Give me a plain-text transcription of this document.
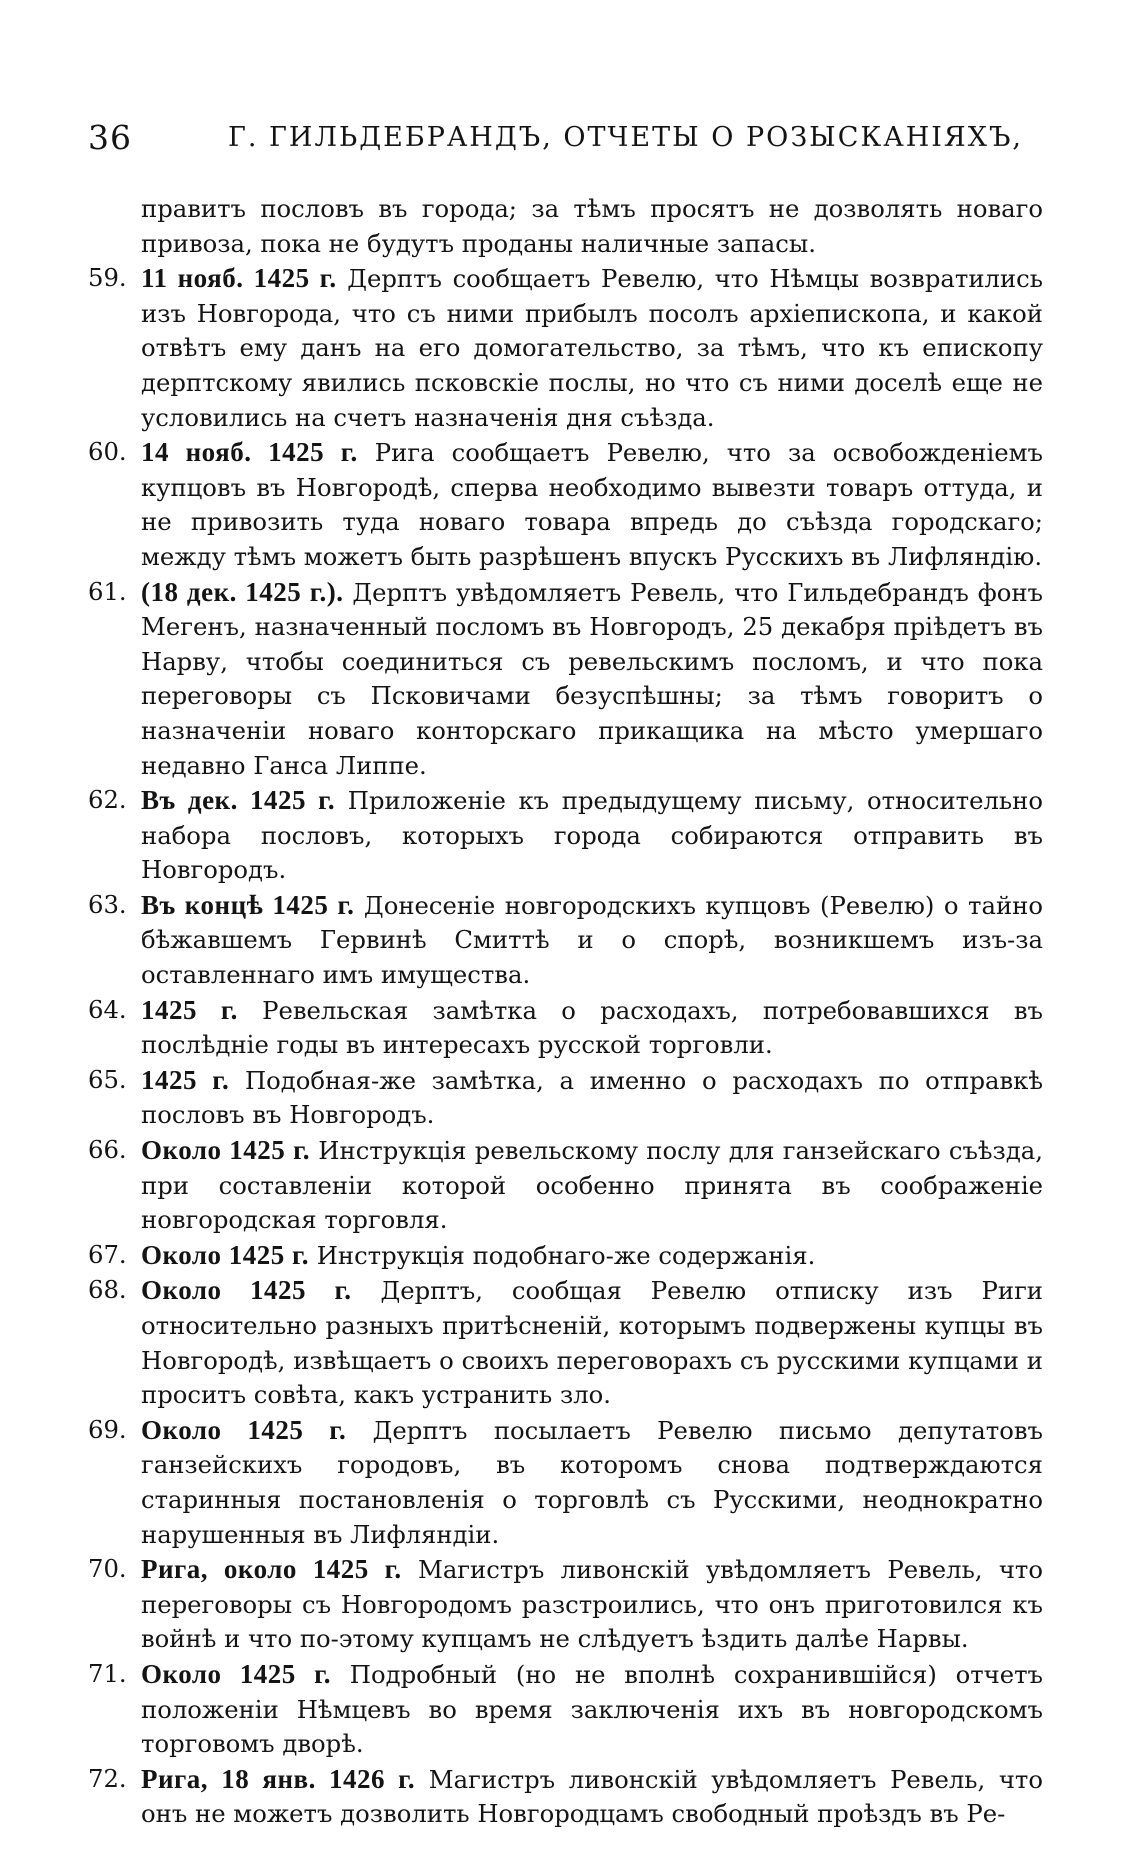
36	Г. ГИЛЬДЕБРАНДЪ, ОТЧЕТЫ О РОЗЫСКАНІЯХЪ,

правитъ пословъ въ города; за тѣмъ просятъ не дозволять новаго привоза, пока не будутъ проданы наличные запасы.

59. 11 нояб. 1425 г. Дерптъ сообщаетъ Ревелю, что Нѣмцы возвратились изъ Новгорода, что съ ними прибылъ посолъ архіепископа, и какой отвѣтъ ему данъ на его домогательство, за тѣмъ, что къ епископу дерптскому явились псковскіе послы, но что съ ними доселѣ еще не условились на счетъ назначенія дня съѣзда.

60. 14 нояб. 1425 г. Рига сообщаетъ Ревелю, что за освобожденіемъ купцовъ въ Новгородѣ, сперва необходимо вывезти товаръ оттуда, и не привозить туда новаго товара впредь до съѣзда городскаго; между тѣмъ можетъ быть разрѣшенъ впускъ Русскихъ въ Лифляндію.

61. (18 дек. 1425 г.). Дерптъ увѣдомляетъ Ревель, что Гильдебрандъ фонъ Мегенъ, назначенный посломъ въ Новгородъ, 25 декабря пріѣдетъ въ Нарву, чтобы соединиться съ ревельскимъ посломъ, и что пока переговоры съ Псковичами безуспѣшны; за тѣмъ говоритъ о назначеніи новаго конторскаго прикащика на мѣсто умершаго недавно Ганса Липпе.

62. Въ дек. 1425 г. Приложеніе къ предыдущему письму, относительно набора пословъ, которыхъ города собираются отправить въ Новгородъ.

63. Въ концѣ 1425 г. Донесеніе новгородскихъ купцовъ (Ревелю) о тайно бѣжавшемъ Гервинѣ Смиттѣ и о спорѣ, возникшемъ изъ-за оставленнаго имъ имущества.

64. 1425 г. Ревельская замѣтка о расходахъ, потребовавшихся въ послѣдніе годы въ интересахъ русской торговли.

65. 1425 г. Подобная-же замѣтка, а именно о расходахъ по отправкѣ пословъ въ Новгородъ.

66. Около 1425 г. Инструкція ревельскому послу для ганзейскаго съѣзда, при составленіи которой особенно принята въ соображеніе новгородская торговля.

67. Около 1425 г. Инструкція подобнаго-же содержанія.

68. Около 1425 г. Дерптъ, сообщая Ревелю отписку изъ Риги относительно разныхъ притѣсненій, которымъ подвержены купцы въ Новгородѣ, извѣщаетъ о своихъ переговорахъ съ русскими купцами и проситъ совѣта, какъ устранить зло.

69. Около 1425 г. Дерптъ посылаетъ Ревелю письмо депутатовъ ганзейскихъ городовъ, въ которомъ снова подтверждаются старинныя постановленія о торговлѣ съ Русскими, неоднократно нарушенныя въ Лифляндіи.

70. Рига, около 1425 г. Магистръ ливонскій увѣдомляетъ Ревель, что переговоры съ Новгородомъ разстроились, что онъ приготовился къ войнѣ и что по-этому купцамъ не слѣдуетъ ѣздить далѣе Нарвы.

71. Около 1425 г. Подробный (но не вполнѣ сохранившійся) отчетъ положеніи Нѣмцевъ во время заключенія ихъ въ новгородскомъ торговомъ дворѣ.

72. Рига, 18 янв. 1426 г. Магистръ ливонскій увѣдомляетъ Ревель, что онъ не можетъ дозволить Новгородцамъ свободный проѣздъ въ Ре-
